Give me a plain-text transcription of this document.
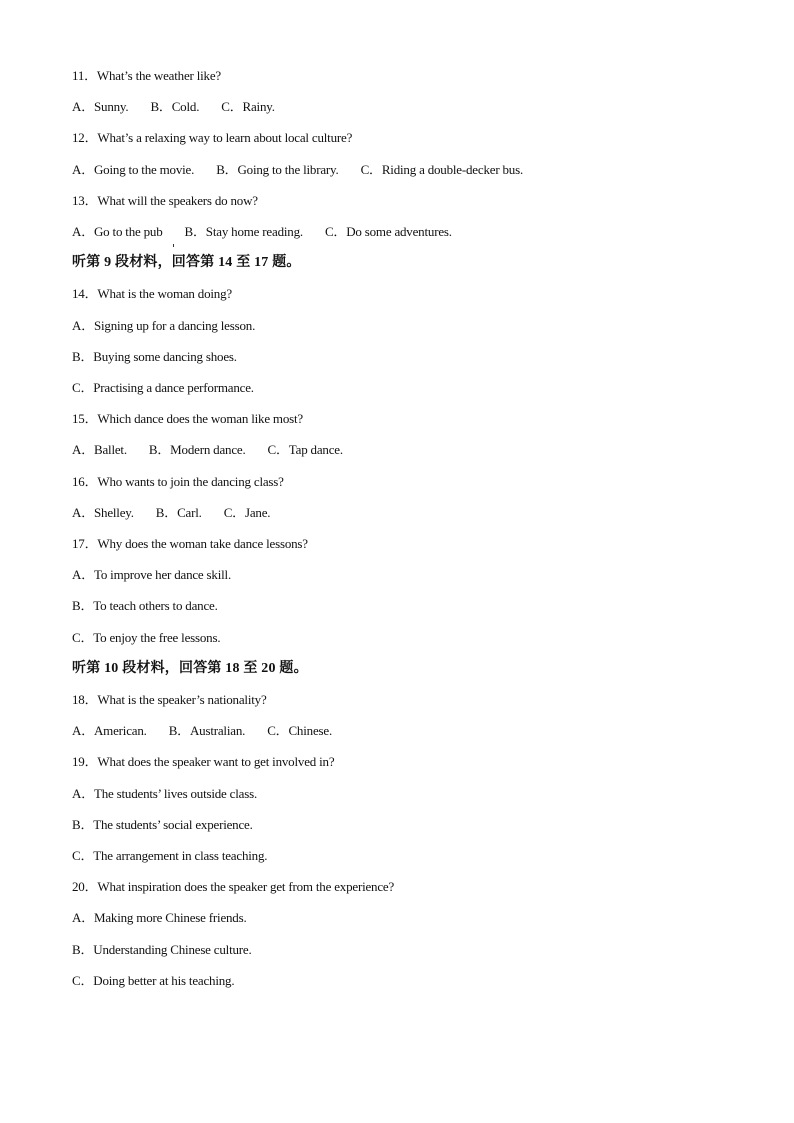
11．What’s the weather like?
A．Sunny. B．Cold. C．Rainy.
12．What’s a relaxing way to learn about local culture?
A．Going to the movie. B．Going to the library. C．Riding a double-decker bus.
13．What will the speakers do now?
A．Go to the pub B．Stay home reading. C．Do some adventures.
听第 9 段材料，回答第 14 至 17 题。
14．What is the woman doing?
A．Signing up for a dancing lesson.
B．Buying some dancing shoes.
C．Practising a dance performance.
15．Which dance does the woman like most?
A．Ballet. B．Modern dance. C．Tap dance.
16．Who wants to join the dancing class?
A．Shelley. B．Carl. C．Jane.
17．Why does the woman take dance lessons?
A．To improve her dance skill.
B．To teach others to dance.
C．To enjoy the free lessons.
听第 10 段材料，回答第 18 至 20 题。
18．What is the speaker’s nationality?
A．American. B．Australian. C．Chinese.
19．What does the speaker want to get involved in?
A．The students’ lives outside class.
B．The students’ social experience.
C．The arrangement in class teaching.
20．What inspiration does the speaker get from the experience?
A．Making more Chinese friends.
B．Understanding Chinese culture.
C．Doing better at his teaching.
